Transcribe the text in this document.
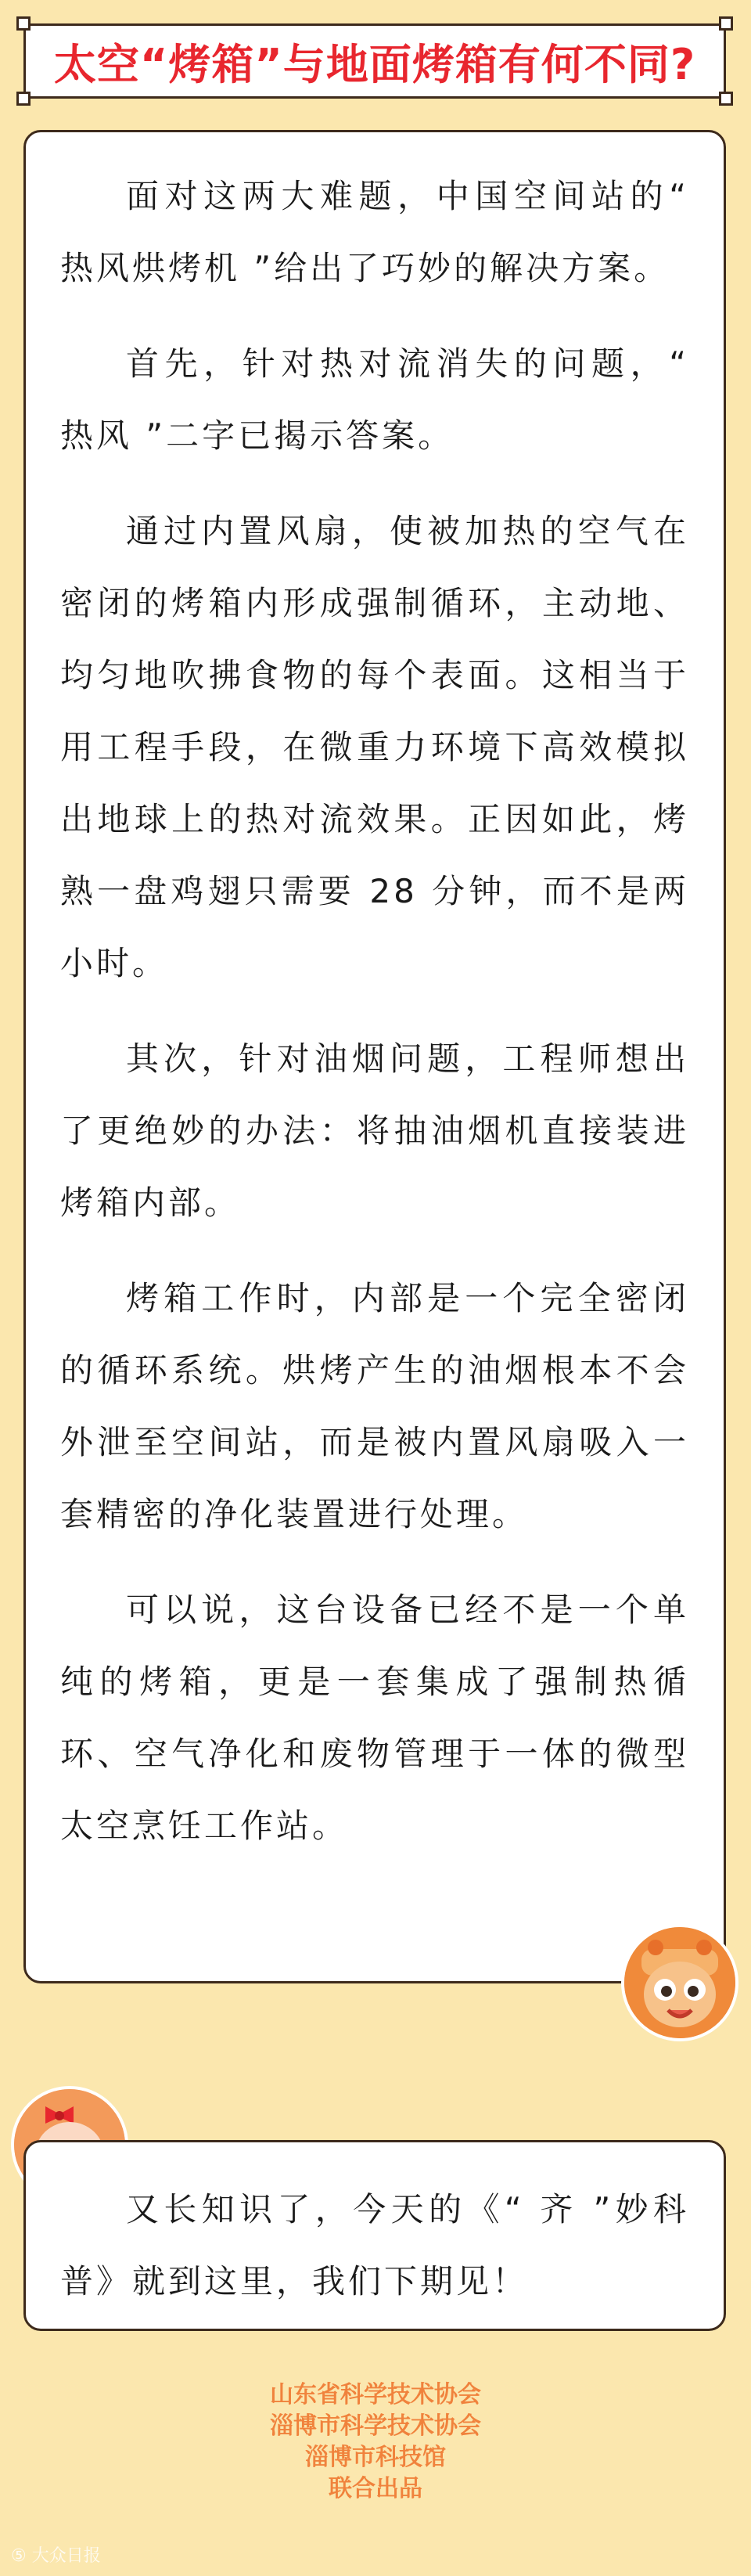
太空“烤箱”与地面烤箱有何不同?

面对这两大难题，中国空间站的“ 热风烘烤机 ”给出了巧妙的解决方案。

首先，针对热对流消失的问题，“ 热风 ”二字已揭示答案。

通过内置风扇，使被加热的空气在密闭的烤箱内形成强制循环，主动地、均匀地吹拂食物的每个表面。这相当于用工程手段，在微重力环境下高效模拟出地球上的热对流效果。正因如此，烤熟一盘鸡翅只需要 28 分钟，而不是两小时。

其次，针对油烟问题，工程师想出了更绝妙的办法：将抽油烟机直接装进烤箱内部。

烤箱工作时，内部是一个完全密闭的循环系统。烘烤产生的油烟根本不会外泄至空间站，而是被内置风扇吸入一套精密的净化装置进行处理。

可以说，这台设备已经不是一个单纯的烤箱，更是一套集成了强制热循环、空气净化和废物管理于一体的微型太空烹饪工作站。

又长知识了，今天的《“ 齐 ”妙科普》就到这里，我们下期见！

山东省科学技术协会
淄博市科学技术协会
淄博市科技馆
联合出品
⑤ 大众日报
